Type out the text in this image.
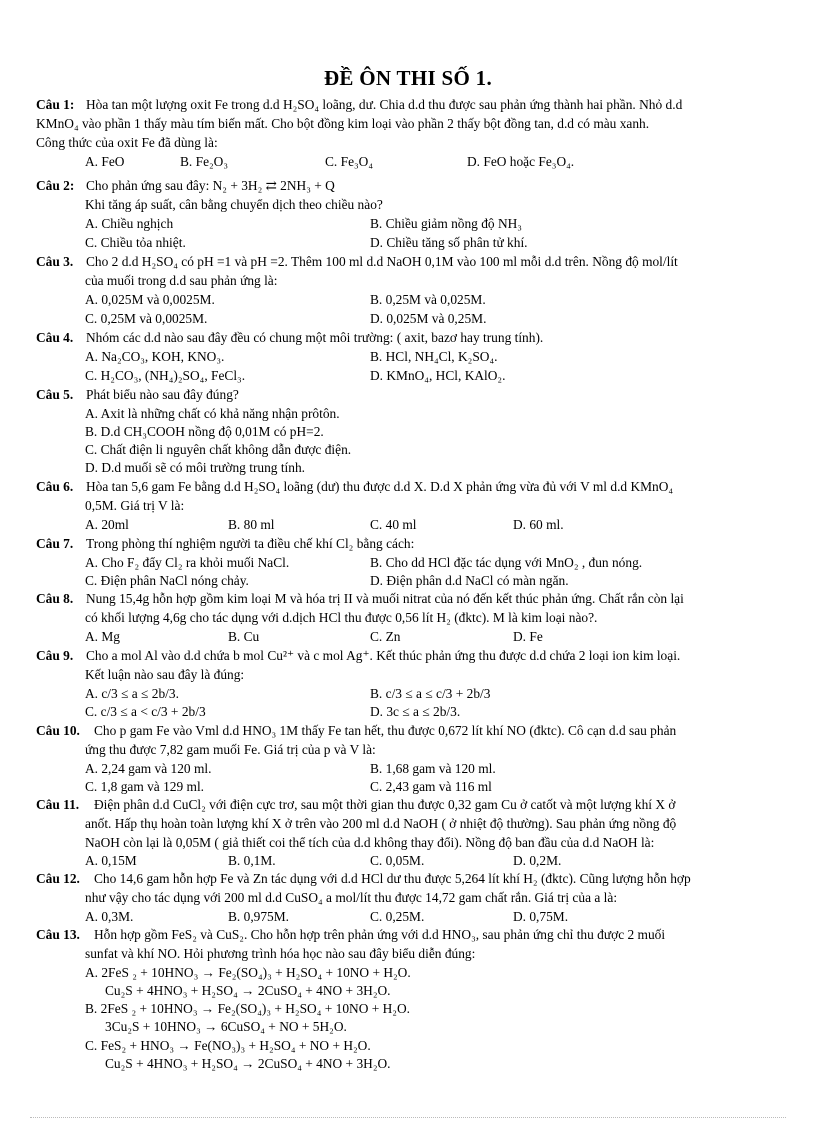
ĐỀ ÔN THI SỐ 1.
Câu 1: Hòa tan một lượng oxit Fe trong d.d H₂SO₄ loãng, dư. Chia d.d thu được sau phản ứng thành hai phần. Nhỏ d.d
KMnO₄ vào phần 1 thấy màu tím biến mất. Cho bột đồng kim loại vào phần 2 thấy bột đồng tan, d.d có màu xanh.
Công thức của oxit Fe đã dùng là:
A. FeO	B. Fe₂O₃	C. Fe₃O₄	D. FeO hoặc Fe₃O₄.
Câu 2: Cho phản ứng sau đây: N₂ + 3H₂ ⇄ 2NH₃ + Q
Khi tăng áp suất, cân bằng chuyển dịch theo chiều nào?
A. Chiều nghịch	B. Chiều giảm nồng độ NH₃
C. Chiều tỏa nhiệt.	D. Chiều tăng số phân tử khí.
Câu 3. Cho 2 d.d H₂SO₄ có pH =1 và pH =2. Thêm 100 ml d.d NaOH 0,1M vào 100 ml mỗi d.d trên. Nồng độ mol/lít
của muối trong d.d sau phản ứng là:
A. 0,025M và 0,0025M.	B. 0,25M và 0,025M.
C. 0,25M và 0,0025M.	D. 0,025M và 0,25M.
Câu 4. Nhóm các d.d nào sau đây đều có chung một môi trường: ( axit, bazơ hay trung tính).
A. Na₂CO₃, KOH, KNO₃.	B. HCl, NH₄Cl, K₂SO₄.
C. H₂CO₃, (NH₄)₂SO₄, FeCl₃.	D. KMnO₄, HCl, KAlO₂.
Câu 5. Phát biểu nào sau đây đúng?
A. Axit là những chất có khả năng nhận prôtôn.
B. D.d CH₃COOH nồng độ 0,01M có pH=2.
C. Chất điện li nguyên chất không dẫn được điện.
D. D.d muối sẽ có môi trường trung tính.
Câu 6. Hòa tan 5,6 gam Fe bằng d.d H₂SO₄ loãng (dư) thu được d.d X. D.d X phản ứng vừa đủ với V ml d.d KMnO₄
0,5M. Giá trị V là:
A. 20ml	B. 80 ml	C. 40 ml	D. 60 ml.
Câu 7. Trong phòng thí nghiệm người ta điều chế khí Cl₂ bằng cách:
A. Cho F₂ đẩy Cl₂ ra khỏi muối NaCl.	B. Cho dd HCl đặc tác dụng với MnO₂ , đun nóng.
C. Điện phân NaCl nóng chảy.	D. Điện phân d.d NaCl có màn ngăn.
Câu 8. Nung 15,4g hỗn hợp gồm kim loại M và hóa trị II và muối nitrat của nó đến kết thúc phản ứng. Chất rắn còn lại
có khối lượng 4,6g cho tác dụng với d.dịch HCl thu được 0,56 lít H₂ (đktc). M là kim loại nào?.
A. Mg	B. Cu	C. Zn	D. Fe
Câu 9. Cho a mol Al vào d.d chứa b mol Cu²⁺ và c mol Ag⁺. Kết thúc phản ứng thu được d.d chứa 2 loại ion kim loại.
Kết luận nào sau đây là đúng:
A. c/3 ≤ a ≤ 2b/3.	B. c/3 ≤ a ≤ c/3 + 2b/3
C. c/3 ≤ a < c/3 + 2b/3	D. 3c ≤ a ≤ 2b/3.
Câu 10. Cho p gam Fe vào Vml d.d HNO₃ 1M thấy Fe tan hết, thu được 0,672 lít khí NO (đktc). Cô cạn d.d sau phản
ứng thu được 7,82 gam muối Fe. Giá trị của p và V là:
A. 2,24 gam và 120 ml.	B. 1,68 gam và 120 ml.
C. 1,8 gam và 129 ml.	C. 2,43 gam và 116 ml
Câu 11. Điện phân d.d CuCl₂ với điện cực trơ, sau một thời gian thu được 0,32 gam Cu ở catốt và một lượng khí X ở
anốt. Hấp thụ hoàn toàn lượng khí X ở trên vào 200 ml d.d NaOH ( ở nhiệt độ thường). Sau phản ứng nồng độ
NaOH còn lại là 0,05M ( giả thiết coi thể tích của d.d không thay đổi). Nồng độ ban đầu của d.d NaOH là:
A. 0,15M	B. 0,1M.	C. 0,05M.	D. 0,2M.
Câu 12. Cho 14,6 gam hỗn hợp Fe và Zn tác dụng với d.d HCl dư thu được 5,264 lít khí H₂ (đktc). Cũng lượng hỗn hợp
như vậy cho tác dụng với 200 ml d.d CuSO₄ a mol/lít thu được 14,72 gam chất rắn. Giá trị của a là:
A. 0,3M.	B. 0,975M.	C. 0,25M.	D. 0,75M.
Câu 13. Hỗn hợp gồm FeS₂ và CuS₂. Cho hỗn hợp trên phản ứng với d.d HNO₃, sau phản ứng chỉ thu được 2 muối
sunfat và khí NO. Hỏi phương trình hóa học nào sau đây biểu diễn đúng:
A. 2FeS ₂ + 10HNO₃ → Fe₂(SO₄)₃ + H₂SO₄ + 10NO + H₂O.
Cu₂S + 4HNO₃ + H₂SO₄ → 2CuSO₄ + 4NO + 3H₂O.
B. 2FeS ₂ + 10HNO₃ → Fe₂(SO₄)₃ + H₂SO₄ + 10NO + H₂O.
3Cu₂S + 10HNO₃ → 6CuSO₄ + NO + 5H₂O.
C. FeS₂ + HNO₃ → Fe(NO₃)₃ + H₂SO₄ + NO + H₂O.
Cu₂S + 4HNO₃ + H₂SO₄ → 2CuSO₄ + 4NO + 3H₂O.
